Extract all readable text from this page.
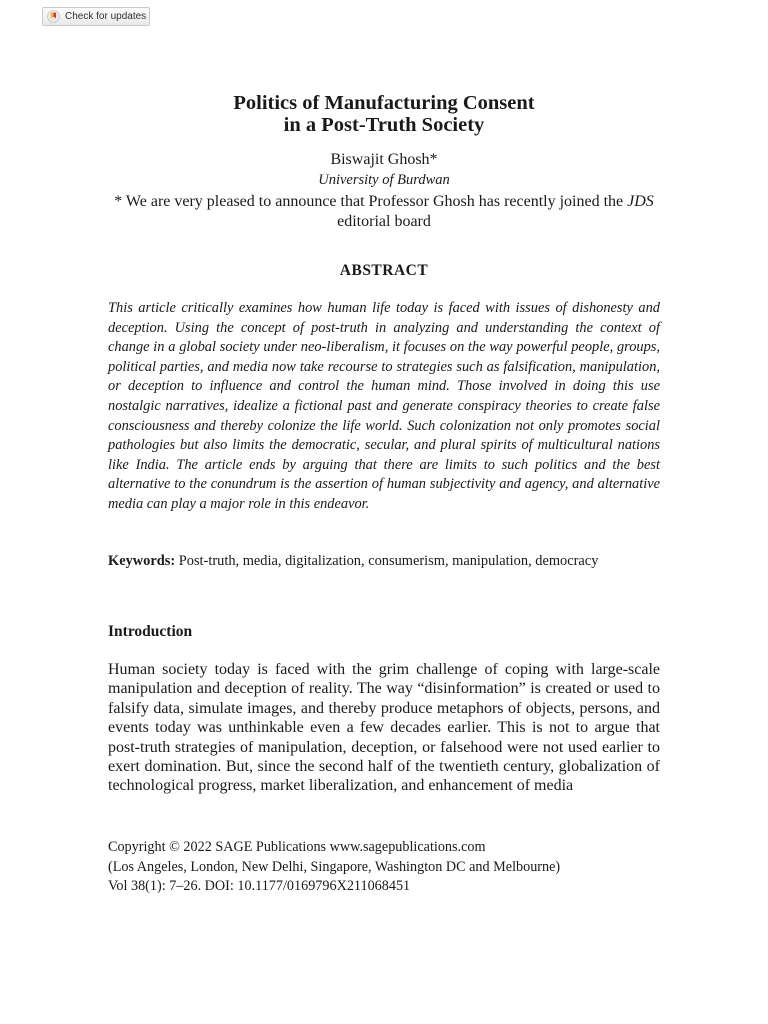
Check for updates
Politics of Manufacturing Consent
in a Post-Truth Society
Biswajit Ghosh*
University of Burdwan
* We are very pleased to announce that Professor Ghosh has recently joined the JDS editorial board
ABSTRACT

This article critically examines how human life today is faced with issues of dishonesty and deception. Using the concept of post-truth in analyzing and understanding the context of change in a global society under neo-liberalism, it focuses on the way powerful people, groups, political parties, and media now take recourse to strategies such as falsification, manipulation, or deception to influence and control the human mind. Those involved in doing this use nostalgic narratives, idealize a fictional past and generate conspiracy theories to create false consciousness and thereby colonize the life world. Such colonization not only promotes social pathologies but also limits the democratic, secular, and plural spirits of multicultural nations like India. The article ends by arguing that there are limits to such politics and the best alternative to the conundrum is the assertion of human subjectivity and agency, and alternative media can play a major role in this endeavor.

Keywords: Post-truth, media, digitalization, consumerism, manipulation, democracy

Introduction

Human society today is faced with the grim challenge of coping with large-scale manipulation and deception of reality. The way “disinformation” is created or used to falsify data, simulate images, and thereby produce metaphors of objects, persons, and events today was unthinkable even a few decades earlier. This is not to argue that post-truth strategies of manipulation, deception, or falsehood were not used earlier to exert domination. But, since the second half of the twentieth century, globalization of technological progress, market liberalization, and enhancement of media

Copyright © 2022 SAGE Publications www.sagepublications.com
(Los Angeles, London, New Delhi, Singapore, Washington DC and Melbourne)
Vol 38(1): 7–26. DOI: 10.1177/0169796X211068451
